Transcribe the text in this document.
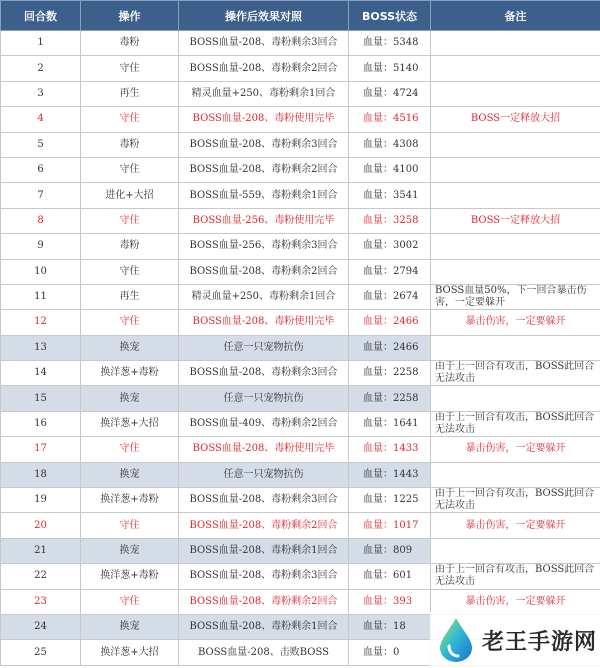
回合数	操作	操作后效果对照	BOSS状态	备注
1	毒粉	BOSS血量-208、毒粉剩余3回合	血量：5348	
2	守住	BOSS血量-208、毒粉剩余2回合	血量：5140	
3	再生	精灵血量+250、毒粉剩余1回合	血量：4724	
4	守住	BOSS血量-208、毒粉使用完毕	血量：4516	BOSS一定释放大招
5	毒粉	BOSS血量-208、毒粉剩余3回合	血量：4308	
6	守住	BOSS血量-208、毒粉剩余2回合	血量：4100	
7	进化+大招	BOSS血量-559、毒粉剩余1回合	血量：3541	
8	守住	BOSS血量-256、毒粉使用完毕	血量：3258	BOSS一定释放大招
9	毒粉	BOSS血量-256、毒粉剩余3回合	血量：3002	
10	守住	BOSS血量-208、毒粉剩余2回合	血量：2794	
11	再生	精灵血量+250、毒粉剩余1回合	血量：2674	BOSS血量50%，下一回合暴击伤害，一定要躲开
12	守住	BOSS血量-208、毒粉使用完毕	血量：2466	暴击伤害，一定要躲开
13	换宠	任意一只宠物抗伤	血量：2466	
14	换洋葱+毒粉	BOSS血量-208、毒粉剩余3回合	血量：2258	由于上一回合有攻击，BOSS此回合无法攻击
15	换宠	任意一只宠物抗伤	血量：2258	
16	换洋葱+大招	BOSS血量-409、毒粉剩余2回合	血量：1641	由于上一回合有攻击，BOSS此回合无法攻击
17	守住	BOSS血量-208、毒粉使用完毕	血量：1433	暴击伤害，一定要躲开
18	换宠	任意一只宠物抗伤	血量：1443	
19	换洋葱+毒粉	BOSS血量-208、毒粉剩余3回合	血量：1225	由于上一回合有攻击，BOSS此回合无法攻击
20	守住	BOSS血量-208、毒粉剩余2回合	血量：1017	暴击伤害，一定要躲开
21	换宠	BOSS血量-208、毒粉剩余1回合	血量：809	
22	换洋葱+毒粉	BOSS血量-208、毒粉剩余3回合	血量：601	由于上一回合有攻击，BOSS此回合无法攻击
23	守住	BOSS血量-208、毒粉剩余2回合	血量：393	暴击伤害，一定要躲开
24	换宠	BOSS血量-208、毒粉剩余1回合	血量：18	
25	换洋葱+大招	BOSS血量-208、击败BOSS	血量：0		老王手游网
